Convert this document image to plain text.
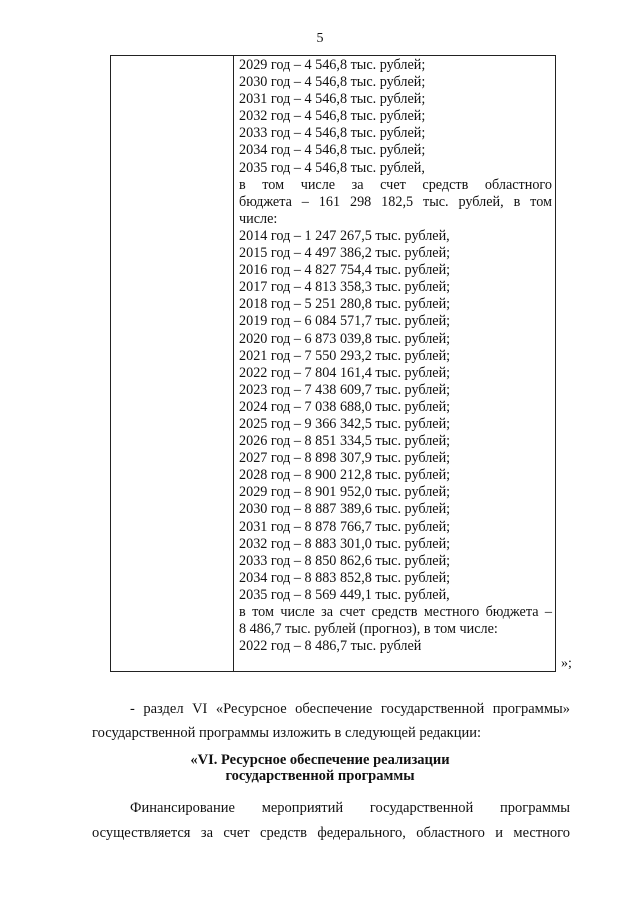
5
2029 год – 4 546,8 тыс. рублей;
2030 год – 4 546,8 тыс. рублей;
2031 год – 4 546,8 тыс. рублей;
2032 год – 4 546,8 тыс. рублей;
2033 год – 4 546,8 тыс. рублей;
2034 год – 4 546,8 тыс. рублей;
2035 год – 4 546,8 тыс. рублей,
в том числе за счет средств областного
бюджета – 161 298 182,5 тыс. рублей, в том
числе:
2014 год – 1 247 267,5 тыс. рублей,
2015 год – 4 497 386,2 тыс. рублей;
2016 год – 4 827 754,4 тыс. рублей;
2017 год – 4 813 358,3 тыс. рублей;
2018 год – 5 251 280,8 тыс. рублей;
2019 год – 6 084 571,7 тыс. рублей;
2020 год – 6 873 039,8 тыс. рублей;
2021 год – 7 550 293,2 тыс. рублей;
2022 год – 7 804 161,4 тыс. рублей;
2023 год – 7 438 609,7 тыс. рублей;
2024 год – 7 038 688,0 тыс. рублей;
2025 год – 9 366 342,5 тыс. рублей;
2026 год – 8 851 334,5 тыс. рублей;
2027 год – 8 898 307,9 тыс. рублей;
2028 год – 8 900 212,8 тыс. рублей;
2029 год – 8 901 952,0 тыс. рублей;
2030 год – 8 887 389,6 тыс. рублей;
2031 год – 8 878 766,7 тыс. рублей;
2032 год – 8 883 301,0 тыс. рублей;
2033 год – 8 850 862,6 тыс. рублей;
2034 год – 8 883 852,8 тыс. рублей;
2035 год – 8 569 449,1 тыс. рублей,
в том числе за счет средств местного бюджета –
8 486,7 тыс. рублей (прогноз), в том числе:
2022 год – 8 486,7 тыс. рублей
»;
- раздел VI «Ресурсное обеспечение государственной программы»
государственной программы изложить в следующей редакции:
«VI. Ресурсное обеспечение реализации
государственной программы
Финансирование мероприятий государственной программы
осуществляется за счет средств федерального, областного и местного
